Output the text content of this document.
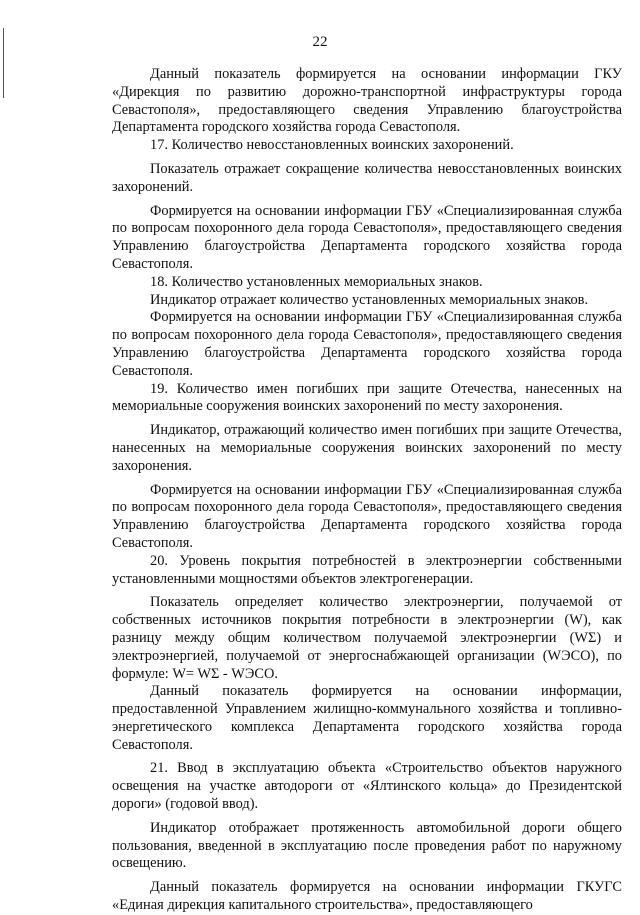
22

Данный показатель формируется на основании информации ГКУ «Дирекция по развитию дорожно-транспортной инфраструктуры города Севастополя», предоставляющего сведения Управлению благоустройства Департамента городского хозяйства города Севастополя.

17. Количество невосстановленных воинских захоронений.

Показатель отражает сокращение количества невосстановленных воинских захоронений.

Формируется на основании информации ГБУ «Специализированная служба по вопросам похоронного дела города Севастополя», предоставляющего сведения Управлению благоустройства Департамента городского хозяйства города Севастополя.

18. Количество установленных мемориальных знаков.

Индикатор отражает количество установленных мемориальных знаков.

Формируется на основании информации ГБУ «Специализированная служба по вопросам похоронного дела города Севастополя», предоставляющего сведения Управлению благоустройства Департамента городского хозяйства города Севастополя.

19. Количество имен погибших при защите Отечества, нанесенных на мемориальные сооружения воинских захоронений по месту захоронения.

Индикатор, отражающий количество имен погибших при защите Отечества, нанесенных на мемориальные сооружения воинских захоронений по месту захоронения.

Формируется на основании информации ГБУ «Специализированная служба по вопросам похоронного дела города Севастополя», предоставляющего сведения Управлению благоустройства Департамента городского хозяйства города Севастополя.

20. Уровень покрытия потребностей в электроэнергии собственными установленными мощностями объектов электрогенерации.

Показатель определяет количество электроэнергии, получаемой от собственных источников покрытия потребности в электроэнергии (W), как разницу между общим количеством получаемой электроэнергии (WΣ) и электроэнергией, получаемой от энергоснабжающей организации (WЭСО), по формуле: W= WΣ - WЭСО.

Данный показатель формируется на основании информации, предоставленной Управлением жилищно-коммунального хозяйства и топливно-энергетического комплекса Департамента городского хозяйства города Севастополя.

21. Ввод в эксплуатацию объекта «Строительство объектов наружного освещения на участке автодороги от «Ялтинского кольца» до Президентской дороги» (годовой ввод).

Индикатор отображает протяженность автомобильной дороги общего пользования, введенной в эксплуатацию после проведения работ по наружному освещению.

Данный показатель формируется на основании информации ГКУГС «Единая дирекция капитального строительства», предоставляющего
